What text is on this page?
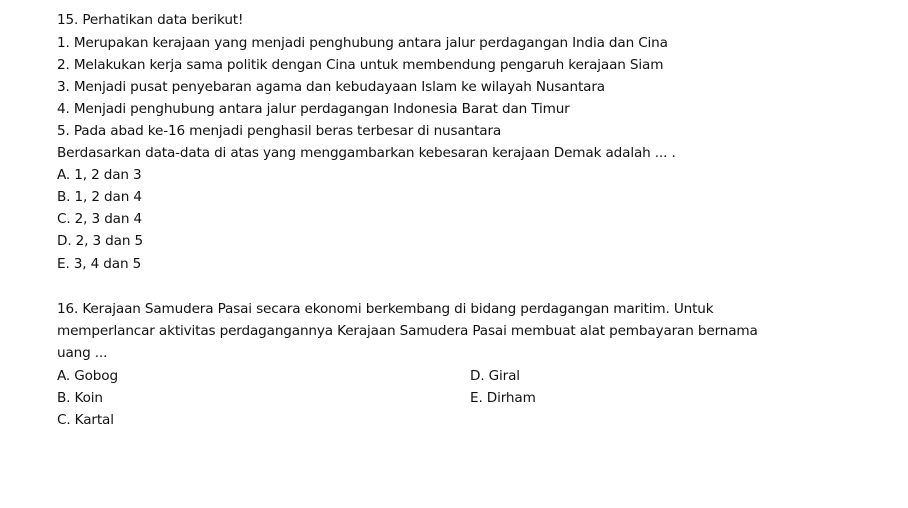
15. Perhatikan data berikut!
1. Merupakan kerajaan yang menjadi penghubung antara jalur perdagangan India dan Cina
2. Melakukan kerja sama politik dengan Cina untuk membendung pengaruh kerajaan Siam
3. Menjadi pusat penyebaran agama dan kebudayaan Islam ke wilayah Nusantara
4. Menjadi penghubung antara jalur perdagangan Indonesia Barat dan Timur
5. Pada abad ke-16 menjadi penghasil beras terbesar di nusantara
Berdasarkan data-data di atas yang menggambarkan kebesaran kerajaan Demak adalah ... .
A. 1, 2 dan 3
B. 1, 2 dan 4
C. 2, 3 dan 4
D. 2, 3 dan 5
E. 3, 4 dan 5
16. Kerajaan Samudera Pasai secara ekonomi berkembang di bidang perdagangan maritim. Untuk
memperlancar aktivitas perdagangannya Kerajaan Samudera Pasai membuat alat pembayaran bernama
uang ...
A. Gobog
B. Koin
C. Kartal
D. Giral
E. Dirham
